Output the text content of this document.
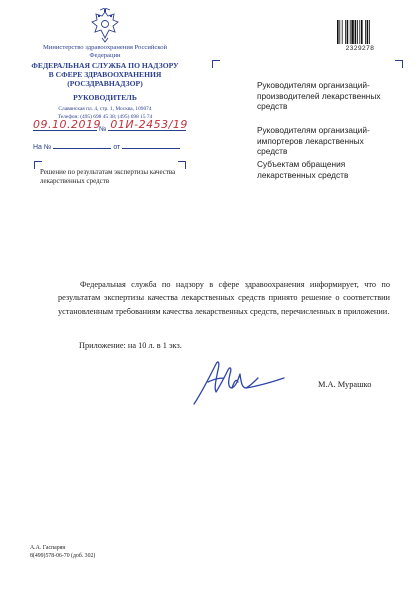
Министерство здравоохранения Российской Федерации
ФЕДЕРАЛЬНАЯ СЛУЖБА ПО НАДЗОРУ
В СФЕРЕ ЗДРАВООХРАНЕНИЯ
(РОСЗДРАВНАДЗОР)
РУКОВОДИТЕЛЬ
Славянская пл. 4, стр. 1, Москва, 109074
Телефон: (495) 698 45 38; (495) 698 15 74
09.10.2019
№ 01И-2453/19
На №	от
Решение по результатам экспертизы качества лекарственных средств
2329278
Руководителям организаций-производителей лекарственных средств
Руководителям организаций-импортеров лекарственных средств
Субъектам обращения лекарственных средств
Федеральная служба по надзору в сфере здравоохранения информирует, что по результатам экспертизы качества лекарственных средств принято решение о соответствии установленным требованиям качества лекарственных средств, перечисленных в приложении.
Приложение: на 10 л. в 1 экз.
М.А. Мурашко
А.А. Гаспарян
8(499)578-06-70 (доб. 302)
